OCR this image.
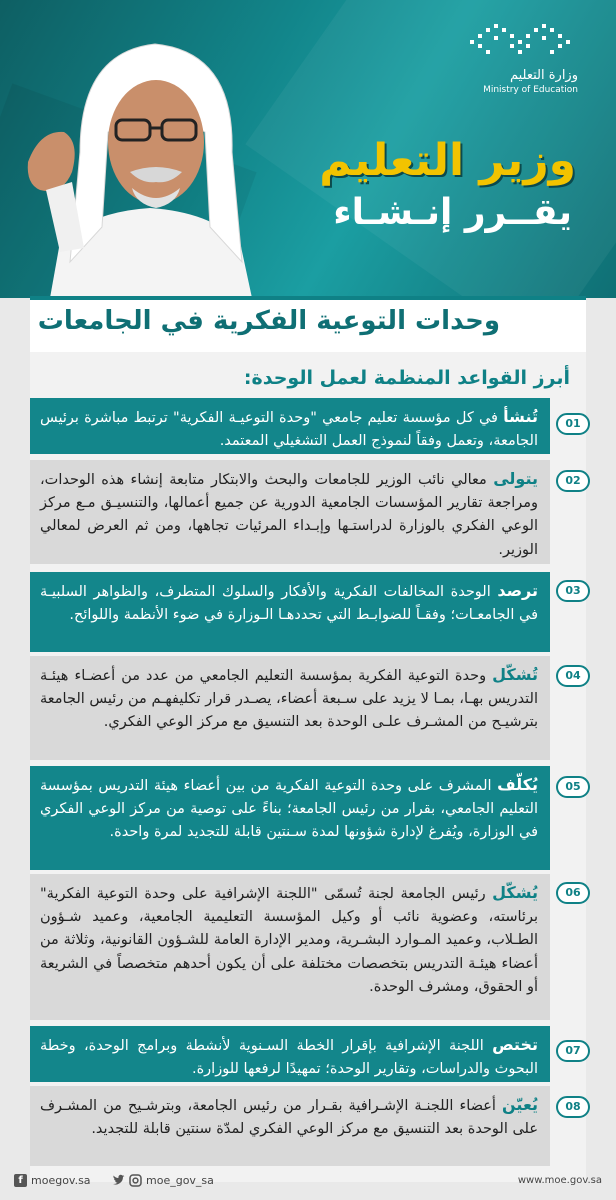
وزارة التعليم
Ministry of Education
وزير التعليم
يقــرر إنـشـاء
وحدات التوعية الفكرية في الجامعات
أبرز القواعد المنظمة لعمل الوحدة:
تُنشأ في كل مؤسسة تعليم جامعي "وحدة التوعيـة الفكرية" ترتبط مباشرة برئيس الجامعة، وتعمل وفقاً لنموذج العمل التشغيلي المعتمد.
01
يتولى معالي نائب الوزير للجامعات والبحث والابتكار متابعة إنشاء هذه الوحدات، ومراجعة تقارير المؤسسات الجامعية الدورية عن جميع أعمالها، والتنسيـق مـع مركز الوعي الفكري بالوزارة لدراستـها وإبـداء المرئيات تجاهها، ومن ثم العرض لمعالي الوزير.
02
ترصد الوحدة المخالفات الفكرية والأفكار والسلوك المتطرف، والظواهر السلبيـة في الجامعـات؛ وفقـاً للضوابـط التي تحددهـا الـوزارة في ضوء الأنظمة واللوائح.
03
تُشكّل وحدة التوعية الفكرية بمؤسسة التعليم الجامعي من عدد من أعضـاء هيئـة التدريس بهـا، بمـا لا يزيد على سـبعة أعضاء، يصـدر قرار تكليفهـم من رئيس الجامعة بترشيـح من المشـرف علـى الوحدة بعد التنسيق مع مركز الوعي الفكري.
04
يُكلّف المشرف على وحدة التوعية الفكرية من بين أعضاء هيئة التدريس بمؤسسة التعليم الجامعي، بقرار من رئيس الجامعة؛ بناءً على توصية من مركز الوعي الفكري في الوزارة، ويُفرغ لإدارة شؤونها لمدة سـنتين قابلة للتجديد لمرة واحدة.
05
يُشكّل رئيس الجامعة لجنة تُسمّى "اللجنة الإشرافية على وحدة التوعية الفكرية" برئاسته، وعضوية نائب أو وكيل المؤسسة التعليمية الجامعية، وعميد شـؤون الطـلاب، وعميد المـوارد البشـرية، ومدير الإدارة العامة للشـؤون القانونية، وثلاثة من أعضاء هيئـة التدريس بتخصصات مختلفة على أن يكون أحدهم متخصصاً في الشريعة أو الحقوق، ومشرف الوحدة.
06
تختص اللجنة الإشرافية بإقرار الخطة السـنوية لأنشطة وبرامج الوحدة، وخطة البحوث والدراسات، وتقارير الوحدة؛ تمهيدًا لرفعها للوزارة.
07
يُعيّن أعضاء اللجنـة الإشـرافية بقـرار من رئيس الجامعة، وبترشـيح من المشـرف على الوحدة بعد التنسيق مع مركز الوعي الفكري لمدّة سنتين قابلة للتجديد.
08
f moegov.sa	moe_gov_sa	www.moe.gov.sa
